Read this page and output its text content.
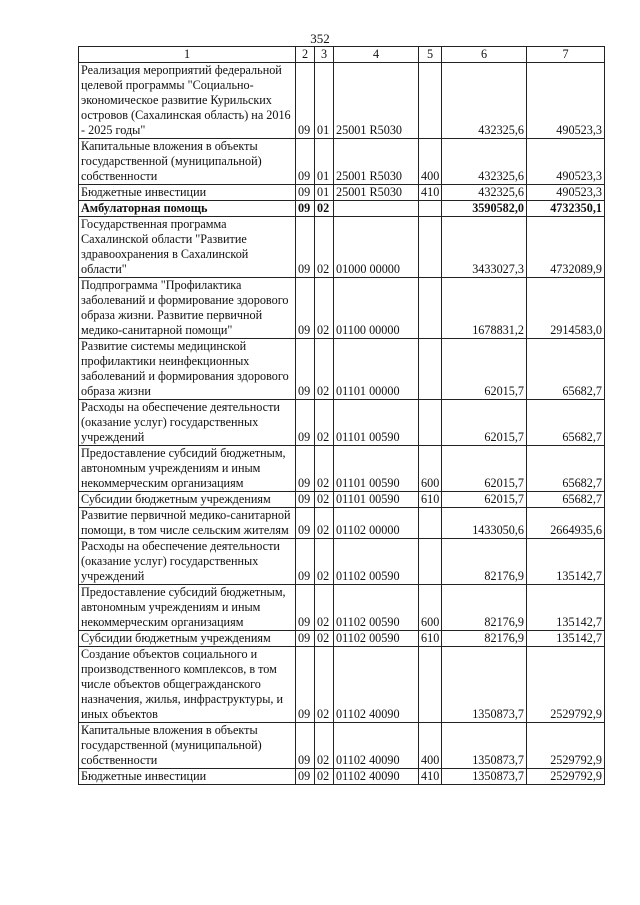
352
1	2	3	4	5	6	7
Реализация мероприятий федеральной целевой программы "Социально-экономическое развитие Курильских островов (Сахалинская область) на 2016 - 2025 годы"	09	01	25001 R5030		432325,6	490523,3
Капитальные вложения в объекты государственной (муниципальной) собственности	09	01	25001 R5030	400	432325,6	490523,3
Бюджетные инвестиции	09	01	25001 R5030	410	432325,6	490523,3
Амбулаторная помощь	09	02			3590582,0	4732350,1
Государственная программа Сахалинской области "Развитие здравоохранения в Сахалинской области"	09	02	01000 00000		3433027,3	4732089,9
Подпрограмма "Профилактика заболеваний и формирование здорового образа жизни. Развитие первичной медико-санитарной помощи"	09	02	01100 00000		1678831,2	2914583,0
Развитие системы медицинской профилактики неинфекционных заболеваний и формирования здорового образа жизни	09	02	01101 00000		62015,7	65682,7
Расходы на обеспечение деятельности (оказание услуг) государственных учреждений	09	02	01101 00590		62015,7	65682,7
Предоставление субсидий бюджетным, автономным учреждениям и иным некоммерческим организациям	09	02	01101 00590	600	62015,7	65682,7
Субсидии бюджетным учреждениям	09	02	01101 00590	610	62015,7	65682,7
Развитие первичной медико-санитарной помощи, в том числе сельским жителям	09	02	01102 00000		1433050,6	2664935,6
Расходы на обеспечение деятельности (оказание услуг) государственных учреждений	09	02	01102 00590		82176,9	135142,7
Предоставление субсидий бюджетным, автономным учреждениям и иным некоммерческим организациям	09	02	01102 00590	600	82176,9	135142,7
Субсидии бюджетным учреждениям	09	02	01102 00590	610	82176,9	135142,7
Создание объектов социального и производственного комплексов, в том числе объектов общегражданского назначения, жилья, инфраструктуры, и иных объектов	09	02	01102 40090		1350873,7	2529792,9
Капитальные вложения в объекты государственной (муниципальной) собственности	09	02	01102 40090	400	1350873,7	2529792,9
Бюджетные инвестиции	09	02	01102 40090	410	1350873,7	2529792,9
